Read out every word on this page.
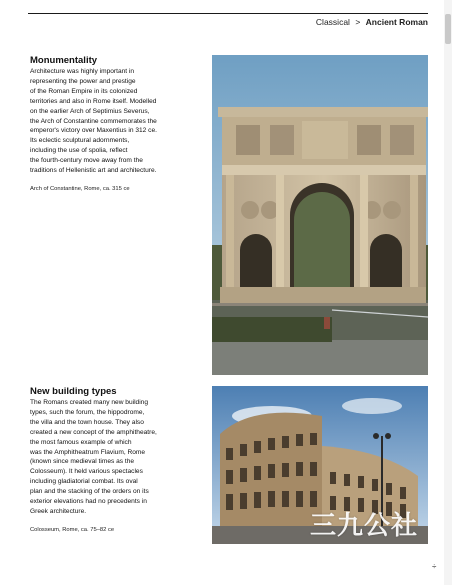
Classical > Ancient Roman
Monumentality

Architecture was highly important in
representing the power and prestige
of the Roman Empire in its colonized
territories and also in Rome itself. Modelled
on the earlier Arch of Septimius Severus,
the Arch of Constantine commemorates the
emperor's victory over Maxentius in 312 ce.
Its eclectic sculptural adornments,
including the use of spolia, reflect
the fourth-century move away from the
traditions of Hellenistic art and architecture.

Arch of Constantine, Rome, ca. 315 ce
New building types

The Romans created many new building
types, such the forum, the hippodrome,
the villa and the town house. They also
created a new concept of the amphitheatre,
the most famous example of which
was the Amphitheatrum Flavium, Rome
(known since medieval times as the
Colosseum). It held various spectacles
including gladiatorial combat. Its oval
plan and the stacking of the orders on its
exterior elevations had no precedents in
Greek architecture.

Colosseum, Rome, ca. 75–82 ce	三九公社
÷
